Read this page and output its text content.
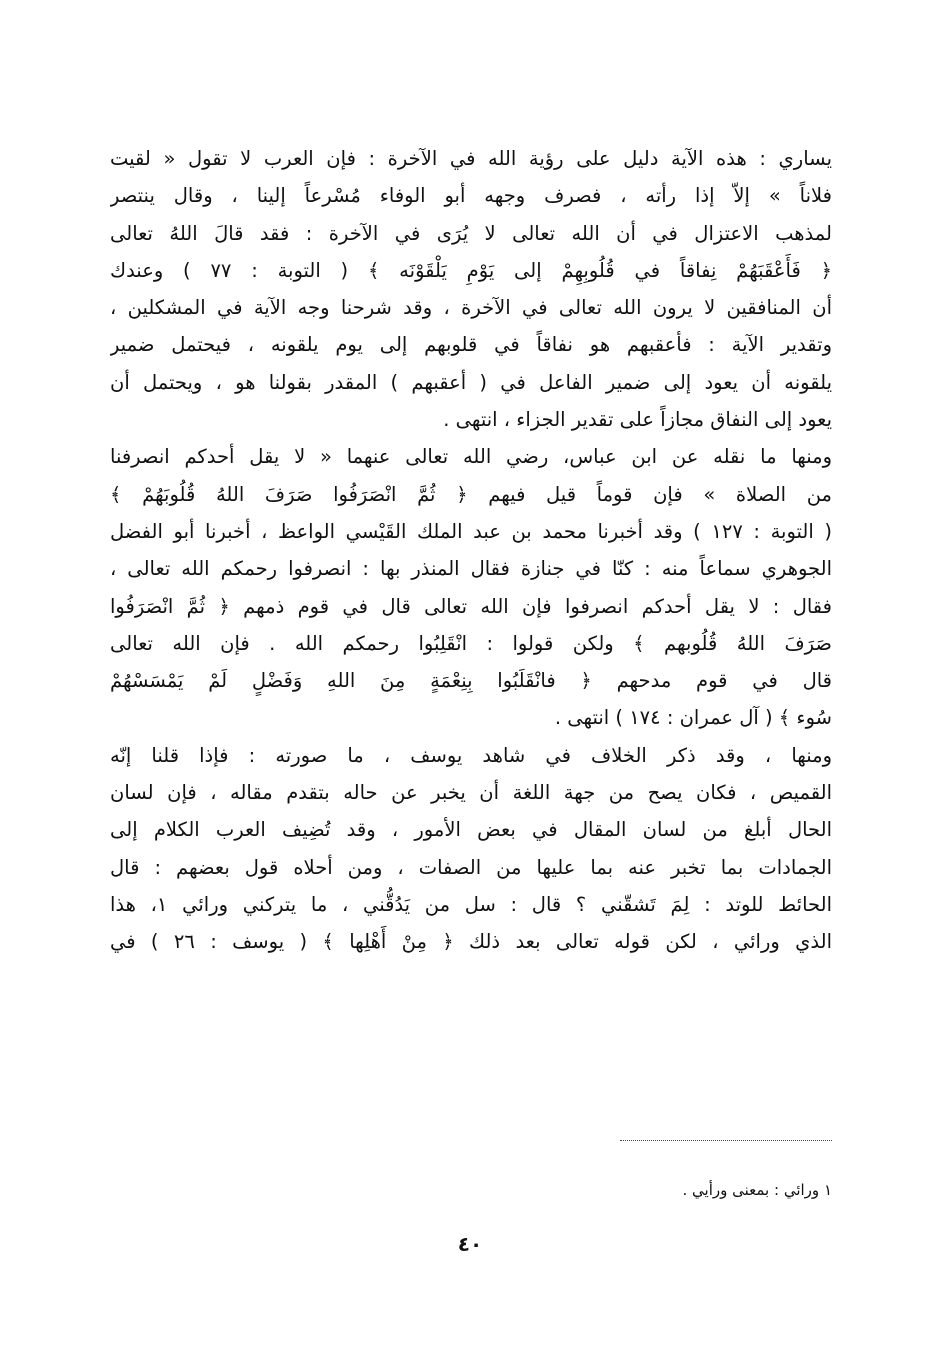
يساري : هذه الآية دليل على رؤية الله في الآخرة : فإن العرب لا تقول « لقيت
فلاناً » إلاّ إذا رأته ، فصرف وجهه أبو الوفاء مُسْرعاً إلينا ، وقال ينتصر
لمذهب الاعتزال في أن الله تعالى لا يُرَى في الآخرة : فقد قالَ اللهُ تعالى
﴿ فَأَعْقَبَهُمْ نِفاقاً في قُلُوبِهِمْ إلى يَوْمِ يَلْقَوْنَه ﴾ ( التوبة : ٧٧ ) وعندك
أن المنافقين لا يرون الله تعالى في الآخرة ، وقد شرحنا وجه الآية في المشكلين ،
وتقدير الآية : فأعقبهم هو نفاقاً في قلوبهم إلى يوم يلقونه ، فيحتمل ضمير
يلقونه أن يعود إلى ضمير الفاعل في ( أعقبهم ) المقدر بقولنا هو ، ويحتمل أن
يعود إلى النفاق مجازاً على تقدير الجزاء ، انتهى .
ومنها ما نقله عن ابن عباس، رضي الله تعالى عنهما « لا يقل أحدكم انصرفنا
من الصلاة » فإن قوماً قيل فيهم ﴿ ثُمَّ انْصَرَفُوا صَرَفَ اللهُ قُلُوبَهُمْ ﴾
( التوبة : ١٢٧ ) وقد أخبرنا محمد بن عبد الملك القَيْسي الواعظ ، أخبرنا أبو الفضل
الجوهري سماعاً منه : كنّا في جنازة فقال المنذر بها : انصرفوا رحمكم الله تعالى ،
فقال : لا يقل أحدكم انصرفوا فإن الله تعالى قال في قوم ذمهم ﴿ ثُمَّ انْصَرَفُوا
صَرَفَ اللهُ قُلُوبهم ﴾ ولكن قولوا : انْقَلِبُوا رحمكم الله . فإن الله تعالى
قال في قوم مدحهم ﴿ فانْقَلَبُوا بِنِعْمَةٍ مِنَ اللهِ وَفَضْلٍ لَمْ يَمْسَسْهُمْ
سُوء ﴾ ( آل عمران : ١٧٤ ) انتهى .
ومنها ، وقد ذكر الخلاف في شاهد يوسف ، ما صورته : فإذا قلنا إنّه
القميص ، فكان يصح من جهة اللغة أن يخبر عن حاله بتقدم مقاله ، فإن لسان
الحال أبلغ من لسان المقال في بعض الأمور ، وقد تُضِيف العرب الكلام إلى
الجمادات بما تخبر عنه بما عليها من الصفات ، ومن أحلاه قول بعضهم : قال
الحائط للوتد : لِمَ تَشقّني ؟ قال : سل من يَدُقُّني ، ما يتركني ورائي ١، هذا
الذي ورائي ، لكن قوله تعالى بعد ذلك ﴿ مِنْ أَهْلِها ﴾ ( يوسف : ٢٦ ) في
١ ورائي : بمعنى ورأيي .
٤٠
